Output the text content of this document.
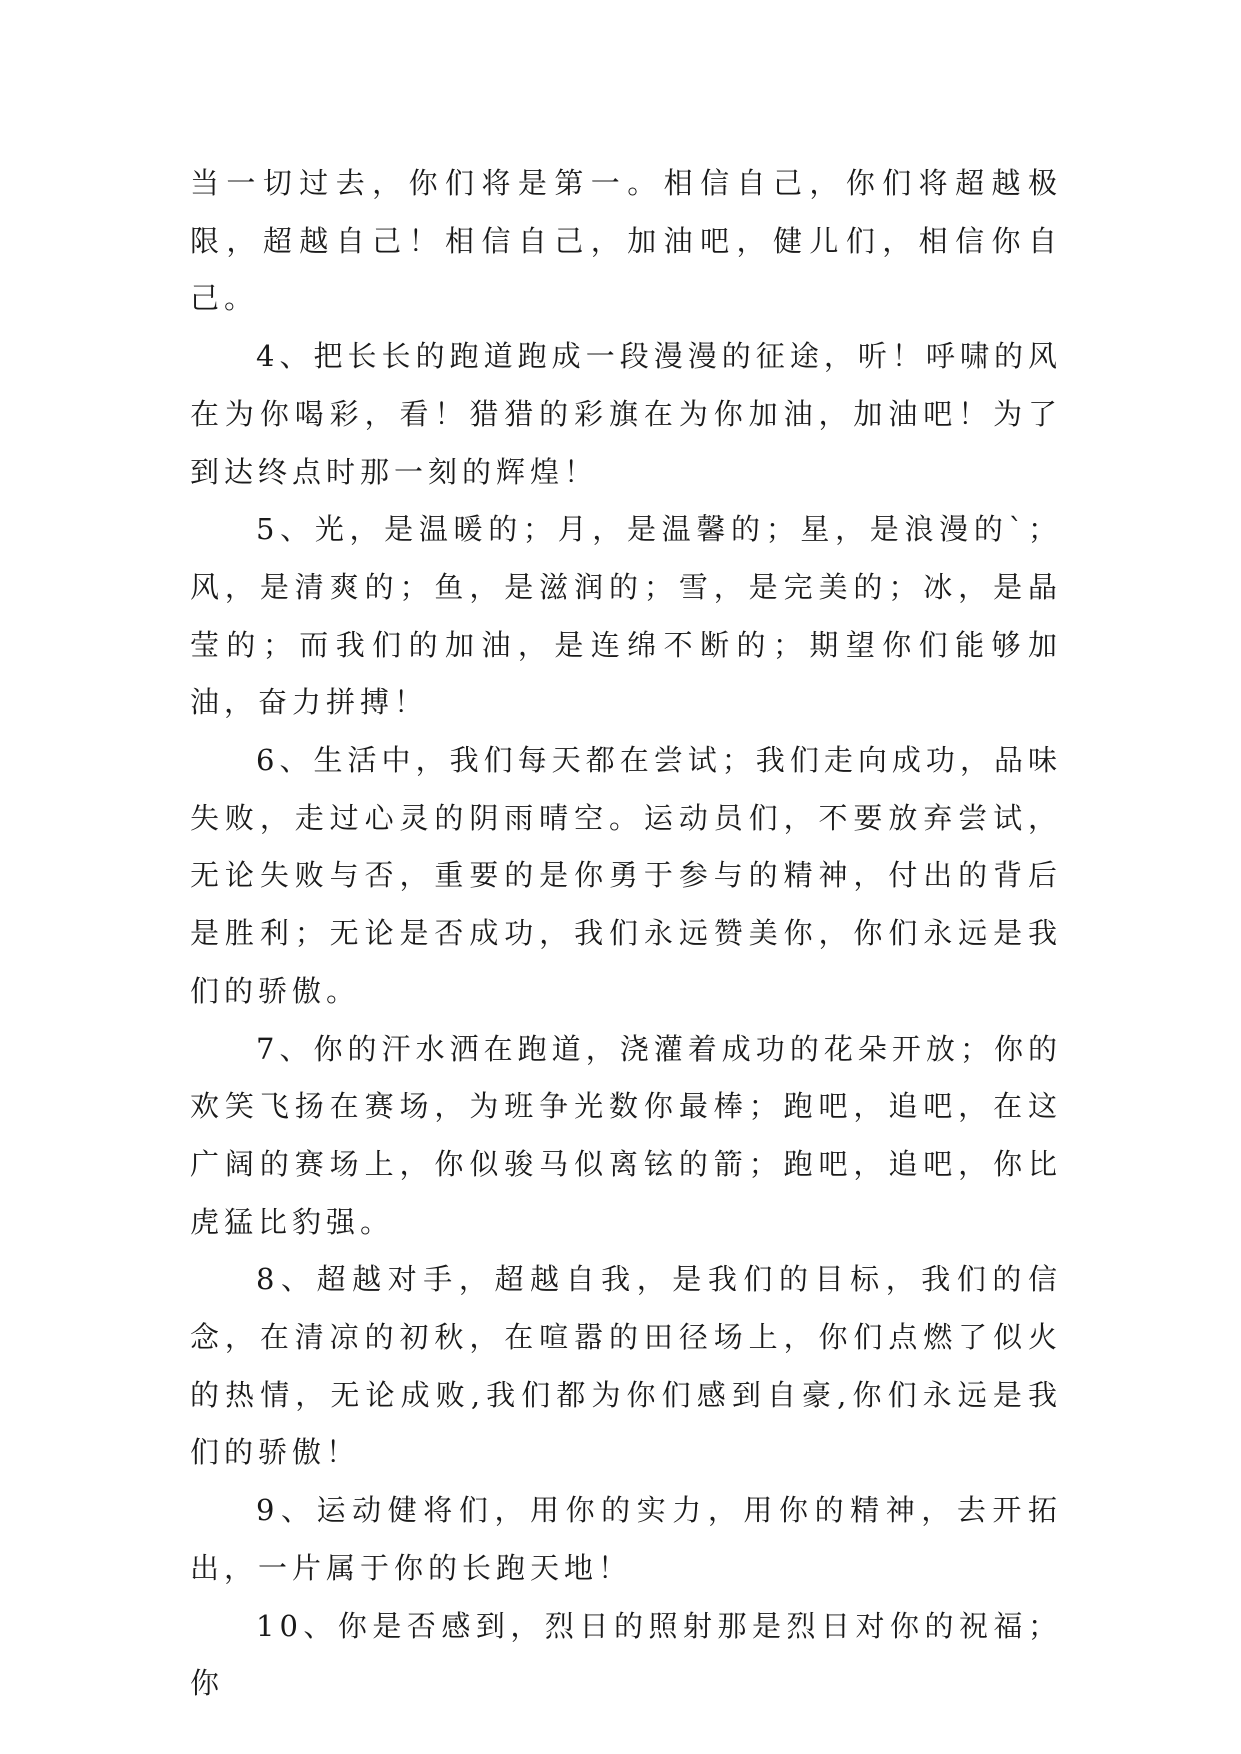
当一切过去，你们将是第一。相信自己，你们将超越极限，超越自己！相信自己，加油吧，健儿们，相信你自己。

4、把长长的跑道跑成一段漫漫的征途，听！呼啸的风在为你喝彩，看！猎猎的彩旗在为你加油，加油吧！为了到达终点时那一刻的辉煌！

5、光，是温暖的；月，是温馨的；星，是浪漫的`；风，是清爽的；鱼，是滋润的；雪，是完美的；冰，是晶莹的；而我们的加油，是连绵不断的；期望你们能够加油，奋力拼搏！

6、生活中，我们每天都在尝试；我们走向成功，品味失败，走过心灵的阴雨晴空。运动员们，不要放弃尝试，无论失败与否，重要的是你勇于参与的精神，付出的背后是胜利；无论是否成功，我们永远赞美你，你们永远是我们的骄傲。

7、你的汗水洒在跑道，浇灌着成功的花朵开放；你的欢笑飞扬在赛场，为班争光数你最棒；跑吧，追吧，在这广阔的赛场上，你似骏马似离铉的箭；跑吧，追吧，你比虎猛比豹强。

8、超越对手，超越自我，是我们的目标，我们的信念，在清凉的初秋，在喧嚣的田径场上，你们点燃了似火的热情，无论成败,我们都为你们感到自豪,你们永远是我们的骄傲！

9、运动健将们，用你的实力，用你的精神，去开拓出，一片属于你的长跑天地！

10、你是否感到，烈日的照射那是烈日对你的祝福；你
